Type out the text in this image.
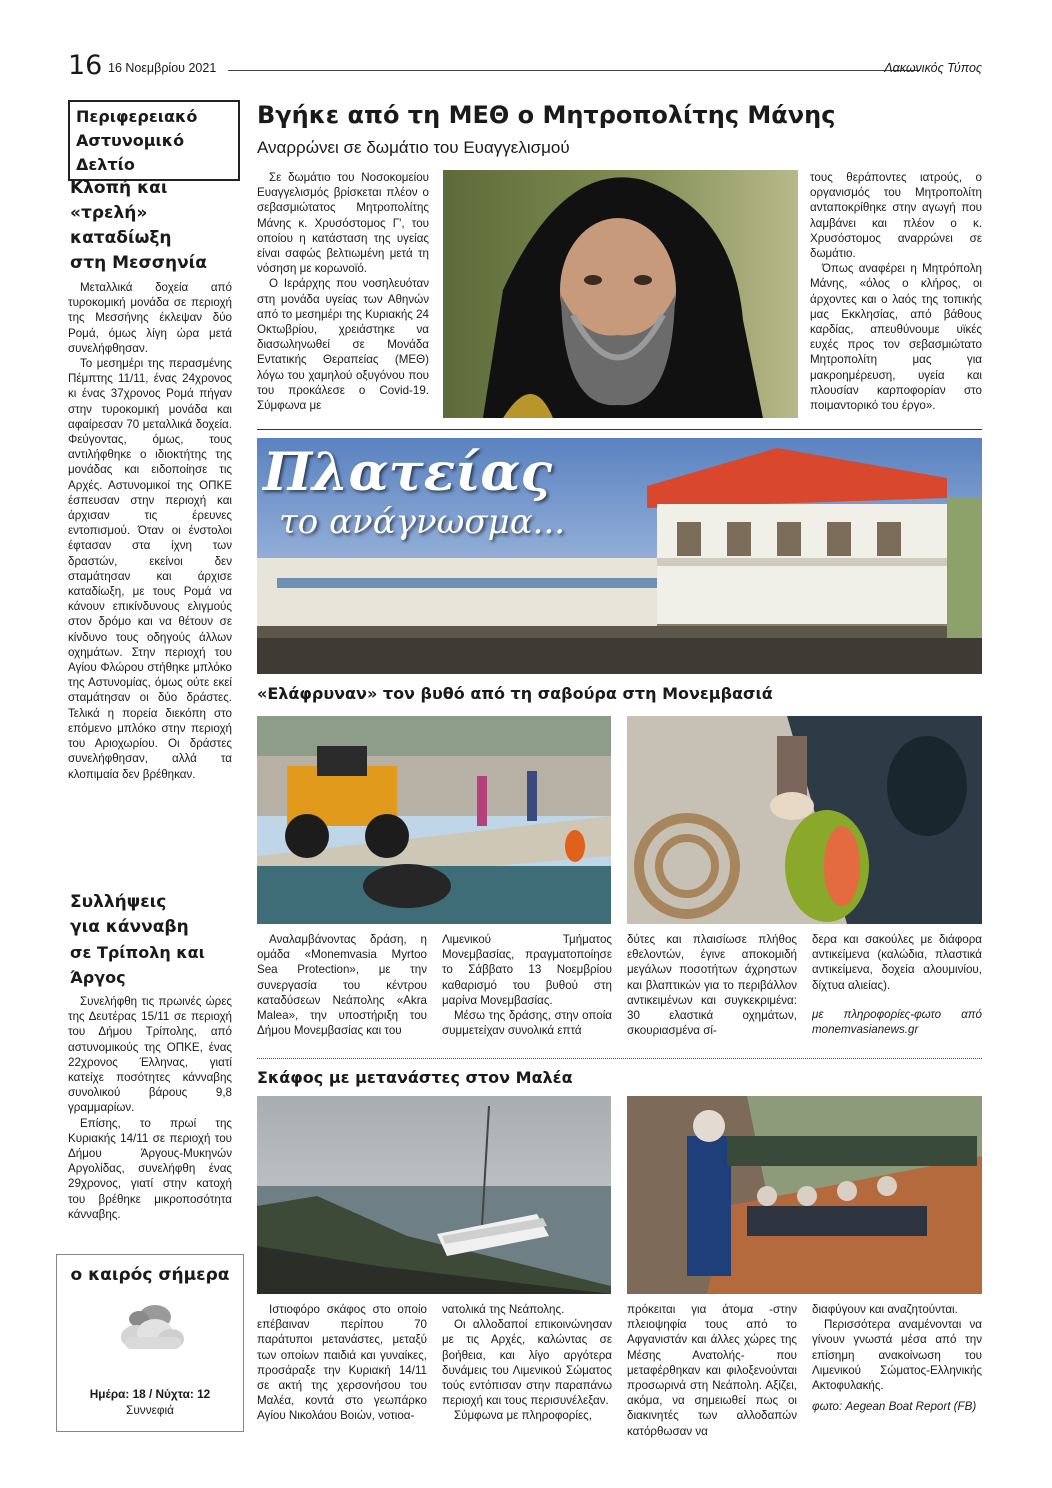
16 16 Νοεμβρίου 2021	Λακωνικός Τύπος
Περιφερειακό
Αστυνομικό Δελτίο
Κλοπή και
«τρελή» καταδίωξη
στη Μεσσηνία

Μεταλλικά δοχεία από τυροκομική μονάδα σε περιοχή της Μεσσήνης έκλεψαν δύο Ρομά, όμως λίγη ώρα μετά συνελήφθησαν.

Το μεσημέρι της περασμένης Πέμπτης 11/11, ένας 24χρονος κι ένας 37χρονος Ρομά πήγαν στην τυροκομική μονάδα και αφαίρεσαν 70 μεταλλικά δοχεία. Φεύγοντας, όμως, τους αντιλήφθηκε ο ιδιοκτήτης της μονάδας και ειδοποίησε τις Αρχές. Αστυνομικοί της ΟΠΚΕ έσπευσαν στην περιοχή και άρχισαν τις έρευνες εντοπισμού. Όταν οι ένστολοι έφτασαν στα ίχνη των δραστών, εκείνοι δεν σταμάτησαν και άρχισε καταδίωξη, με τους Ρομά να κάνουν επικίνδυνους ελιγμούς στον δρόμο και να θέτουν σε κίνδυνο τους οδηγούς άλλων οχημάτων. Στην περιοχή του Αγίου Φλώρου στήθηκε μπλόκο της Αστυνομίας, όμως ούτε εκεί σταμάτησαν οι δύο δράστες. Τελικά η πορεία διεκόπη στο επόμενο μπλόκο στην περιοχή του Αριοχωρίου. Οι δράστες συνελήφθησαν, αλλά τα κλοπιμαία δεν βρέθηκαν.

Συλλήψεις
για κάνναβη
σε Τρίπολη και Άργος

Συνελήφθη τις πρωινές ώρες της Δευτέρας 15/11 σε περιοχή του Δήμου Τρίπολης, από αστυνομικούς της ΟΠΚΕ, ένας 22χρονος Έλληνας, γιατί κατείχε ποσότητες κάνναβης συνολικού βάρους 9,8 γραμμαρίων.

Επίσης, το πρωί της Κυριακής 14/11 σε περιοχή του Δήμου Άργους-Μυκηνών Αργολίδας, συνελήφθη ένας 29χρονος, γιατί στην κατοχή του βρέθηκε μικροποσότητα κάνναβης.

ο καιρός σήμερα
Ημέρα: 18 / Νύχτα: 12
Συννεφιά
Βγήκε από τη ΜΕΘ ο Μητροπολίτης Μάνης
Αναρρώνει σε δωμάτιο του Ευαγγελισμού

Σε δωμάτιο του Νοσοκομείου Ευαγγελισμός βρίσκεται πλέον ο σεβασμιώτατος Μητροπολίτης Μάνης κ. Χρυσόστομος Γ', του οποίου η κατάσταση της υγείας είναι σαφώς βελτιωμένη μετά τη νόσηση με κορωνοϊό.

Ο Ιεράρχης που νοσηλευόταν στη μονάδα υγείας των Αθηνών από το μεσημέρι της Κυριακής 24 Οκτωβρίου, χρειάστηκε να διασωληνωθεί σε Μονάδα Εντατικής Θεραπείας (ΜΕΘ) λόγω του χαμηλού οξυγόνου που του προκάλεσε ο Covid-19. Σύμφωνα με

τους θεράποντες ιατρούς, ο οργανισμός του Μητροπολίτη ανταποκρίθηκε στην αγωγή που λαμβάνει και πλέον ο κ. Χρυσόστομος αναρρώνει σε δωμάτιο.

Όπως αναφέρει η Μητρόπολη Μάνης, «όλος ο κλήρος, οι άρχοντες και ο λαός της τοπικής μας Εκκλησίας, από βάθους καρδίας, απευθύνουμε υϊκές ευχές προς τον σεβασμιώτατο Μητροπολίτη μας για μακροημέρευση, υγεία και πλουσίαν καρποφορίαν στο ποιμαντορικό του έργο».

Πλατείας
το ανάγνωσμα...
«Ελάφρυναν» τον βυθό από τη σαβούρα στη Μονεμβασιά

Αναλαμβάνοντας δράση, η ομάδα «Monemvasia Myrtoo Sea Protection», με την συνεργασία του κέντρου καταδύσεων Νεάπολης «Akra Malea», την υποστήριξη του Δήμου Μονεμβασίας και του

Λιμενικού Τμήματος Μονεμβασίας, πραγματοποίησε το Σάββατο 13 Νοεμβρίου καθαρισμό του βυθού στη μαρίνα Μονεμβασίας.

Μέσω της δράσης, στην οποία συμμετείχαν συνολικά επτά

δύτες και πλαισίωσε πλήθος εθελοντών, έγινε αποκομιδή μεγάλων ποσοτήτων άχρηστων και βλαπτικών για το περιβάλλον αντικειμένων και συγκεκριμένα: 30 ελαστικά οχημάτων, σκουριασμένα σί-

δερα και σακούλες με διάφορα αντικείμενα (καλώδια, πλαστικά αντικείμενα, δοχεία αλουμινίου, δίχτυα αλιείας).

με πληροφορίες-φωτο από monemvasianews.gr

Σκάφος με μετανάστες στον Μαλέα

Ιστιοφόρο σκάφος στο οποίο επέβαιναν περίπου 70 παράτυποι μετανάστες, μεταξύ των οποίων παιδιά και γυναίκες, προσάραξε την Κυριακή 14/11 σε ακτή της χερσονήσου του Μαλέα, κοντά στο γεωπάρκο Αγίου Νικολάου Βοιών, νοτιοα-

νατολικά της Νεάπολης.

Οι αλλοδαποί επικοινώνησαν με τις Αρχές, καλώντας σε βοήθεια, και λίγο αργότερα δυνάμεις του Λιμενικού Σώματος τούς εντόπισαν στην παραπάνω περιοχή και τους περισυνέλεξαν.

Σύμφωνα με πληροφορίες,

πρόκειται για άτομα -στην πλειοψηφία τους από το Αφγανιστάν και άλλες χώρες της Μέσης Ανατολής- που μεταφέρθηκαν και φιλοξενούνται προσωρινά στη Νεάπολη. Αξίζει, ακόμα, να σημειωθεί πως οι διακινητές των αλλοδαπών κατόρθωσαν να

διαφύγουν και αναζητούνται.

Περισσότερα αναμένονται να γίνουν γνωστά μέσα από την επίσημη ανακοίνωση του Λιμενικού Σώματος-Ελληνικής Ακτοφυλακής.

φωτο: Aegean Boat Report (FB)
